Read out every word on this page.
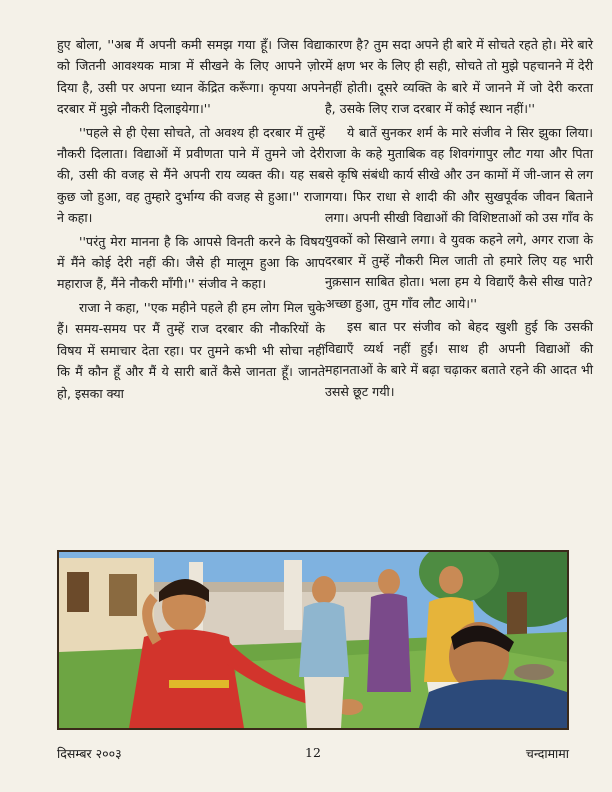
हुए बोला, ''अब मैं अपनी कमी समझ गया हूँ। जिस विद्या को जितनी आवश्यक मात्रा में सीखने के लिए आपने ज़ोर दिया है, उसी पर अपना ध्यान केंद्रित करूँगा। कृपया अपने दरबार में मुझे नौकरी दिलाइयेगा।''

''पहले से ही ऐसा सोचते, तो अवश्य ही दरबार में तुम्हें नौकरी दिलाता। विद्याओं में प्रवीणता पाने में तुमने जो देरी की, उसी की वजह से मैंने अपनी राय व्यक्त की। यह सब कुछ जो हुआ, वह तुम्हारे दुर्भाग्य की वजह से हुआ।'' राजा ने कहा।

''परंतु मेरा मानना है कि आपसे विनती करने के विषय में मैंने कोई देरी नहीं की। जैसे ही मालूम हुआ कि आप महाराज हैं, मैंने नौकरी माँगी।'' संजीव ने कहा।

राजा ने कहा, ''एक महीने पहले ही हम लोग मिल चुके हैं। समय-समय पर मैं तुम्हें राज दरबार की नौकरियों के विषय में समाचार देता रहा। पर तुमने कभी भी सोचा नहीं कि मैं कौन हूँ और मैं ये सारी बातें कैसे जानता हूँ। जानते हो, इसका क्या

कारण है? तुम सदा अपने ही बारे में सोचते रहते हो। मेरे बारे में क्षण भर के लिए ही सही, सोचते तो मुझे पहचानने में देरी नहीं होती। दूसरे व्यक्ति के बारे में जानने में जो देरी करता है, उसके लिए राज दरबार में कोई स्थान नहीं।''

ये बातें सुनकर शर्म के मारे संजीव ने सिर झुका लिया। राजा के कहे मुताबिक वह शिवगंगापुर लौट गया और पिता से कृषि संबंधी कार्य सीखे और उन कामों में जी-जान से लग गया। फिर राधा से शादी की और सुखपूर्वक जीवन बिताने लगा। अपनी सीखी विद्याओं की विशिष्टताओं को उस गाँव के युवकों को सिखाने लगा। वे युवक कहने लगे, अगर राजा के दरबार में तुम्हें नौकरी मिल जाती तो हमारे लिए यह भारी नुक़सान साबित होता। भला हम ये विद्याएँ कैसे सीख पाते? अच्छा हुआ, तुम गाँव लौट आये।''

इस बात पर संजीव को बेहद खुशी हुई कि उसकी विद्याएँ व्यर्थ नहीं हुईं। साथ ही अपनी विद्याओं की महानताओं के बारे में बढ़ा चढ़ाकर बताते रहने की आदत भी उससे छूट गयी।

दिसम्बर २००३	12	चन्दामामा
